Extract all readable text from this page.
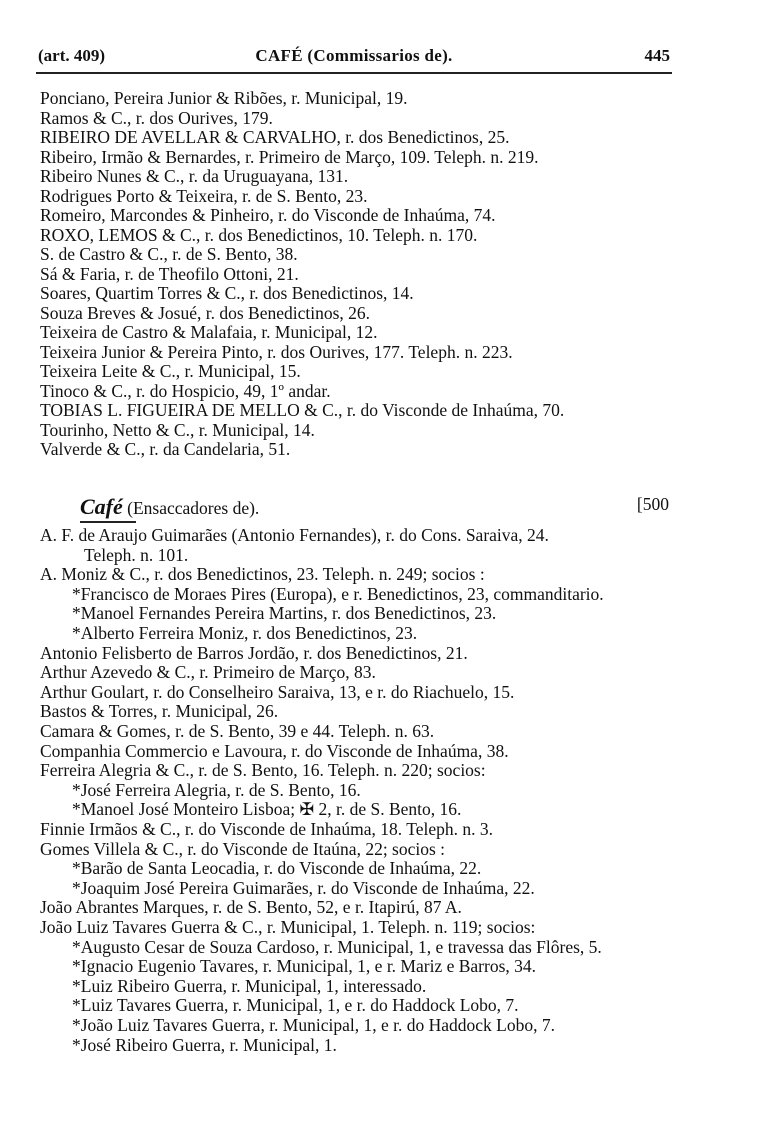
(art. 409)	CAFÉ (Commissarios de).	445
Ponciano, Pereira Junior & Ribões, r. Municipal, 19.
Ramos & C., r. dos Ourives, 179.
RIBEIRO DE AVELLAR & CARVALHO, r. dos Benedictinos, 25.
Ribeiro, Irmão & Bernardes, r. Primeiro de Março, 109. Teleph. n. 219.
Ribeiro Nunes & C., r. da Uruguayana, 131.
Rodrigues Porto & Teixeira, r. de S. Bento, 23.
Romeiro, Marcondes & Pinheiro, r. do Visconde de Inhaúma, 74.
ROXO, LEMOS & C., r. dos Benedictinos, 10. Teleph. n. 170.
S. de Castro & C., r. de S. Bento, 38.
Sá & Faria, r. de Theofilo Ottoni, 21.
Soares, Quartim Torres & C., r. dos Benedictinos, 14.
Souza Breves & Josué, r. dos Benedictinos, 26.
Teixeira de Castro & Malafaia, r. Municipal, 12.
Teixeira Junior & Pereira Pinto, r. dos Ourives, 177. Teleph. n. 223.
Teixeira Leite & C., r. Municipal, 15.
Tinoco & C., r. do Hospicio, 49, 1º andar.
TOBIAS L. FIGUEIRA DE MELLO & C., r. do Visconde de Inhaúma, 70.
Tourinho, Netto & C., r. Municipal, 14.
Valverde & C., r. da Candelaria, 51.
Café (Ensaccadores de).	[500
A. F. de Araujo Guimarães (Antonio Fernandes), r. do Cons. Saraiva, 24.
Teleph. n. 101.
A. Moniz & C., r. dos Benedictinos, 23. Teleph. n. 249; socios :
*Francisco de Moraes Pires (Europa), e r. Benedictinos, 23, commanditario.
*Manoel Fernandes Pereira Martins, r. dos Benedictinos, 23.
*Alberto Ferreira Moniz, r. dos Benedictinos, 23.
Antonio Felisberto de Barros Jordão, r. dos Benedictinos, 21.
Arthur Azevedo & C., r. Primeiro de Março, 83.
Arthur Goulart, r. do Conselheiro Saraiva, 13, e r. do Riachuelo, 15.
Bastos & Torres, r. Municipal, 26.
Camara & Gomes, r. de S. Bento, 39 e 44. Teleph. n. 63.
Companhia Commercio e Lavoura, r. do Visconde de Inhaúma, 38.
Ferreira Alegria & C., r. de S. Bento, 16. Teleph. n. 220; socios:
*José Ferreira Alegria, r. de S. Bento, 16.
*Manoel José Monteiro Lisboa; ✠ 2, r. de S. Bento, 16.
Finnie Irmãos & C., r. do Visconde de Inhaúma, 18. Teleph. n. 3.
Gomes Villela & C., r. do Visconde de Itaúna, 22; socios :
*Barão de Santa Leocadia, r. do Visconde de Inhaúma, 22.
*Joaquim José Pereira Guimarães, r. do Visconde de Inhaúma, 22.
João Abrantes Marques, r. de S. Bento, 52, e r. Itapirú, 87 A.
João Luiz Tavares Guerra & C., r. Municipal, 1. Teleph. n. 119; socios:
*Augusto Cesar de Souza Cardoso, r. Municipal, 1, e travessa das Flôres, 5.
*Ignacio Eugenio Tavares, r. Municipal, 1, e r. Mariz e Barros, 34.
*Luiz Ribeiro Guerra, r. Municipal, 1, interessado.
*Luiz Tavares Guerra, r. Municipal, 1, e r. do Haddock Lobo, 7.
*João Luiz Tavares Guerra, r. Municipal, 1, e r. do Haddock Lobo, 7.
*José Ribeiro Guerra, r. Municipal, 1.
